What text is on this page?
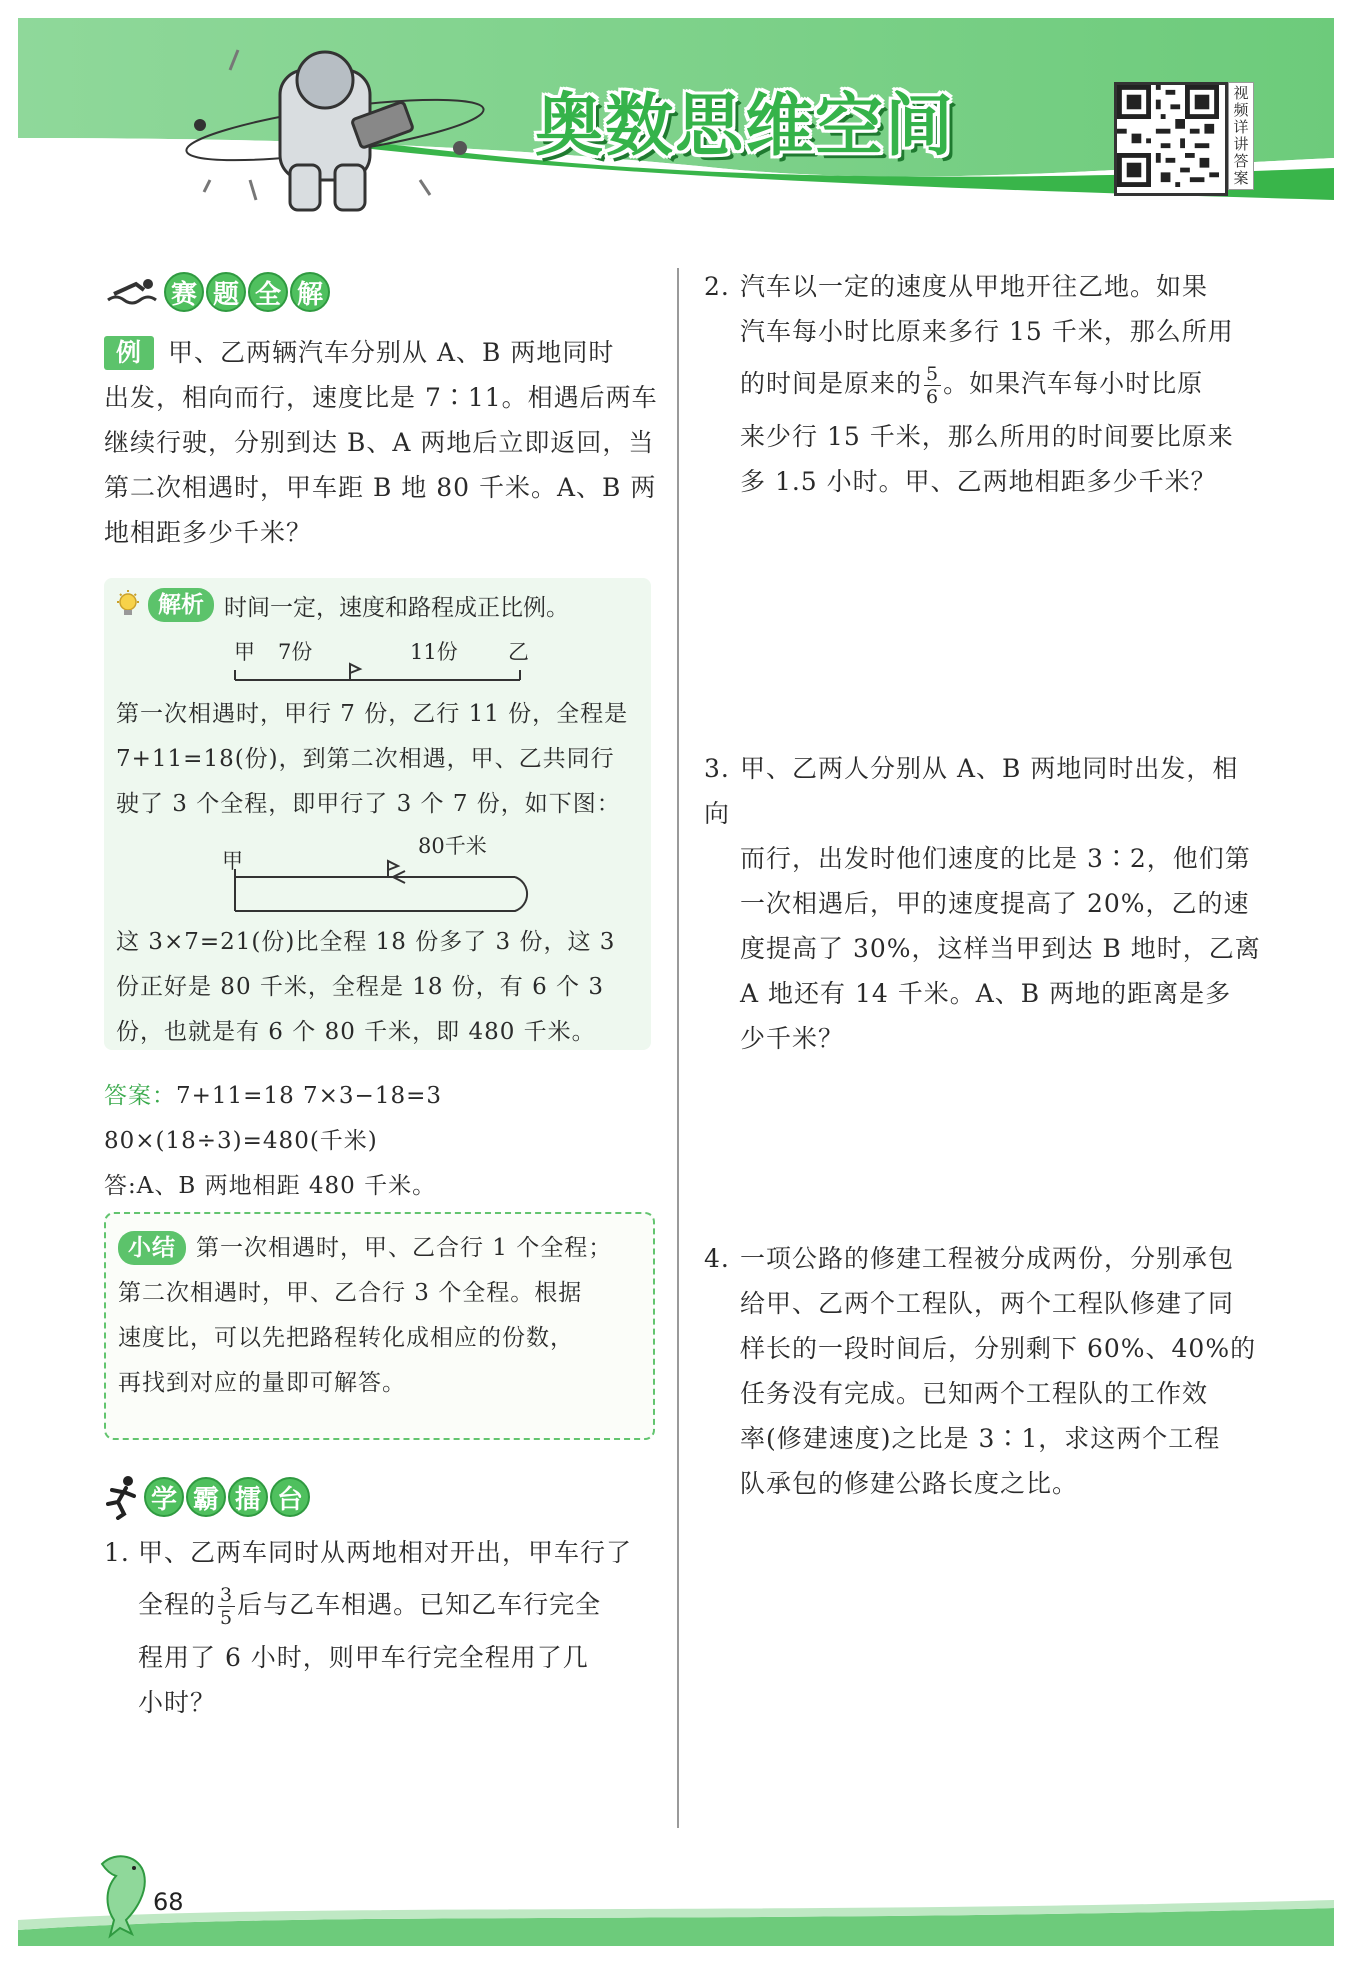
奥数思维空间	视频详讲答案
赛 题 全 解
例 甲、乙两辆汽车分别从 A、B 两地同时
出发，相向而行，速度比是 7∶11。相遇后两车
继续行驶，分别到达 B、A 两地后立即返回，当
第二次相遇时，甲车距 B 地 80 千米。A、B 两
地相距多少千米？
解析 时间一定，速度和路程成正比例。
甲 7份	11份 乙
第一次相遇时，甲行 7 份，乙行 11 份，全程是
7+11=18(份)，到第二次相遇，甲、乙共同行
驶了 3 个全程，即甲行了 3 个 7 份，如下图：
甲
80千米
这 3×7=21(份)比全程 18 份多了 3 份，这 3
份正好是 80 千米，全程是 18 份，有 6 个 3
份，也就是有 6 个 80 千米，即 480 千米。
答案：7+11=18 7×3−18=3
80×(18÷3)=480(千米)
答:A、B 两地相距 480 千米。
小结 第一次相遇时，甲、乙合行 1 个全程；
第二次相遇时，甲、乙合行 3 个全程。根据
速度比，可以先把路程转化成相应的份数，
再找到对应的量即可解答。
学 霸 擂 台
1. 甲、乙两车同时从两地相对开出，甲车行了
全程的 $\frac{3}{5}$ 后与乙车相遇。已知乙车行完全
程用了 6 小时，则甲车行完全程用了几
小时？
2. 汽车以一定的速度从甲地开往乙地。如果
汽车每小时比原来多行 15 千米，那么所用
的时间是原来的 $\frac{5}{6}$ 。如果汽车每小时比原
来少行 15 千米，那么所用的时间要比原来
多 1.5 小时。甲、乙两地相距多少千米？
3. 甲、乙两人分别从 A、B 两地同时出发，相向
而行，出发时他们速度的比是 3∶2，他们第
一次相遇后，甲的速度提高了 20%，乙的速
度提高了 30%，这样当甲到达 B 地时，乙离
A 地还有 14 千米。A、B 两地的距离是多
少千米？
4. 一项公路的修建工程被分成两份，分别承包
给甲、乙两个工程队，两个工程队修建了同
样长的一段时间后，分别剩下 60%、40%的
任务没有完成。已知两个工程队的工作效
率(修建速度)之比是 3∶1，求这两个工程
队承包的修建公路长度之比。
68
